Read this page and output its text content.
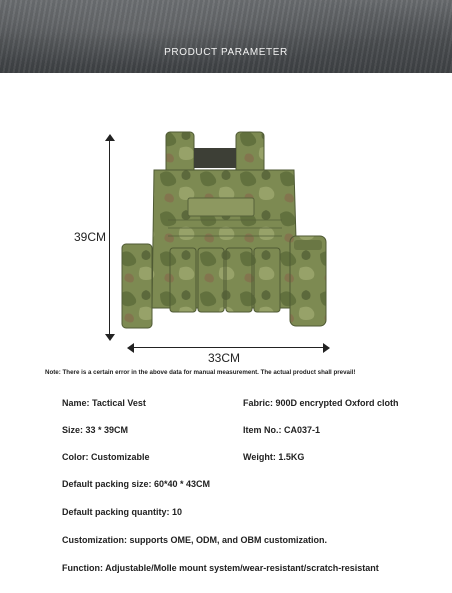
PRODUCT PARAMETER
39CM
33CM
Note: There is a certain error in the above data for manual measurement. The actual product shall prevail!
Name: Tactical Vest	Fabric: 900D encrypted Oxford cloth
Size: 33 * 39CM	Item No.: CA037-1
Color: Customizable	Weight: 1.5KG
Default packing size: 60*40 * 43CM
Default packing quantity: 10
Customization: supports OME, ODM, and OBM customization.
Function: Adjustable/Molle mount system/wear-resistant/scratch-resistant
